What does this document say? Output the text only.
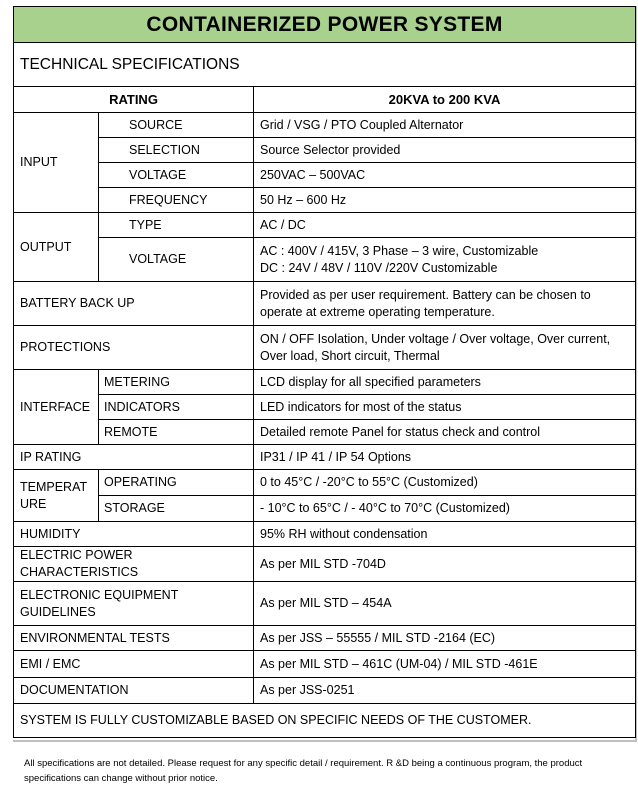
CONTAINERIZED POWER SYSTEM		
TECHNICAL SPECIFICATIONS		
RATING		20KVA to 200 KVA
INPUT	SOURCE	Grid / VSG / PTO Coupled Alternator
	SELECTION	Source Selector provided
	VOLTAGE	250VAC – 500VAC
	FREQUENCY	50 Hz – 600 Hz
OUTPUT	TYPE	AC / DC
	VOLTAGE	AC : 400V / 415V, 3 Phase – 3 wire, Customizable
DC : 24V / 48V / 110V /220V Customizable

BATTERY BACK UP		Provided as per user requirement. Battery can be chosen to operate at extreme operating temperature.
PROTECTIONS		ON / OFF Isolation, Under voltage / Over voltage, Over current, Over load, Short circuit, Thermal
INTERFACE	METERING	LCD display for all specified parameters
	INDICATORS	LED indicators for most of the status
	REMOTE	Detailed remote Panel for status check and control
IP RATING		IP31 / IP 41 / IP 54 Options

TEMPERAT
URE	OPERATING	0 to 45°C / -20°C to 55°C (Customized)
	STORAGE	- 10°C to 65°C / - 40°C to 70°C (Customized)
HUMIDITY		95% RH without condensation
ELECTRIC POWER CHARACTERISTICS		As per MIL STD -704D

ELECTRONIC EQUIPMENT
GUIDELINES		As per MIL STD – 454A
ENVIRONMENTAL TESTS		As per JSS – 55555 / MIL STD -2164 (EC)
EMI / EMC		As per MIL STD – 461C (UM-04) / MIL STD -461E
DOCUMENTATION		As per JSS-0251
SYSTEM IS FULLY CUSTOMIZABLE BASED ON SPECIFIC NEEDS OF THE CUSTOMER.		
All specifications are not detailed. Please request for any specific detail / requirement. R &D being a continuous program, the product
specifications can change without prior notice.
